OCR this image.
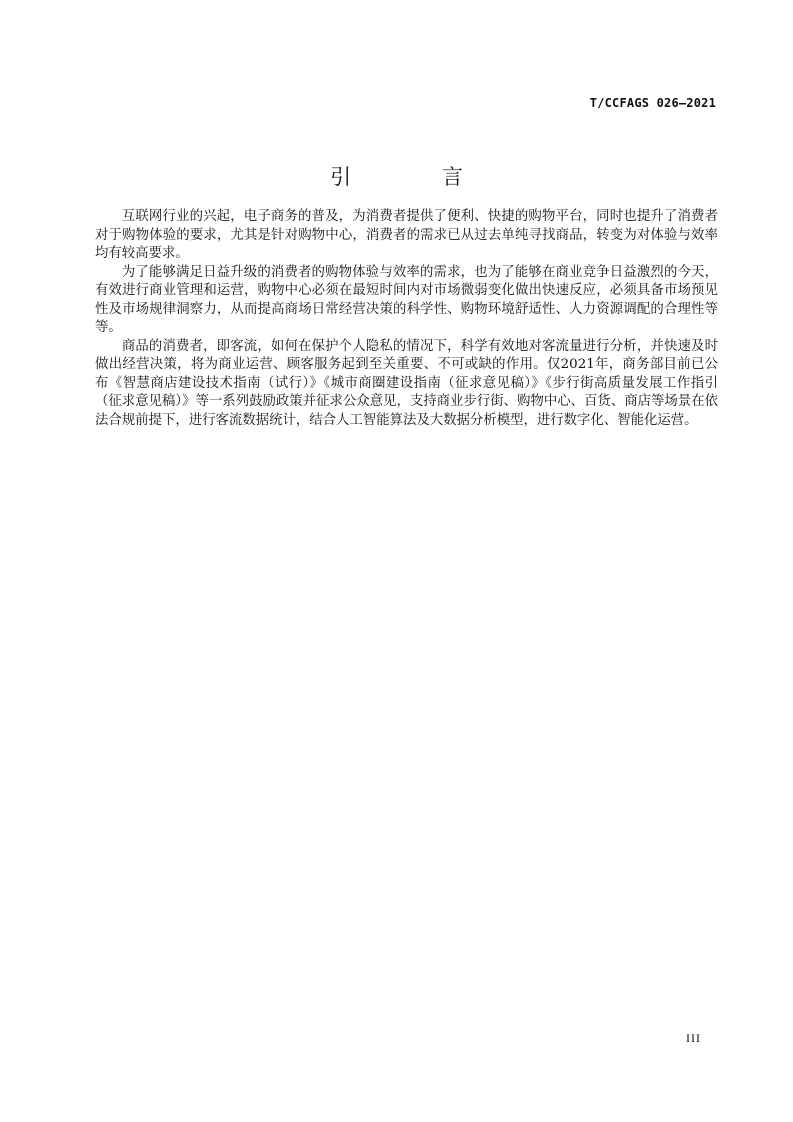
T/CCFAGS 026—2021
引 言

互联网行业的兴起，电子商务的普及，为消费者提供了便利、快捷的购物平台，同时也提升了消费者对于购物体验的要求，尤其是针对购物中心，消费者的需求已从过去单纯寻找商品，转变为对体验与效率均有较高要求。

为了能够满足日益升级的消费者的购物体验与效率的需求，也为了能够在商业竞争日益激烈的今天，有效进行商业管理和运营，购物中心必须在最短时间内对市场微弱变化做出快速反应，必须具备市场预见性及市场规律洞察力，从而提高商场日常经营决策的科学性、购物环境舒适性、人力资源调配的合理性等等。

商品的消费者，即客流，如何在保护个人隐私的情况下，科学有效地对客流量进行分析，并快速及时做出经营决策，将为商业运营、顾客服务起到至关重要、不可或缺的作用。仅2021年，商务部目前已公布《智慧商店建设技术指南（试行）》《城市商圈建设指南（征求意见稿）》《步行街高质量发展工作指引（征求意见稿）》等一系列鼓励政策并征求公众意见，支持商业步行街、购物中心、百货、商店等场景在依法合规前提下，进行客流数据统计，结合人工智能算法及大数据分析模型，进行数字化、智能化运营。

III
